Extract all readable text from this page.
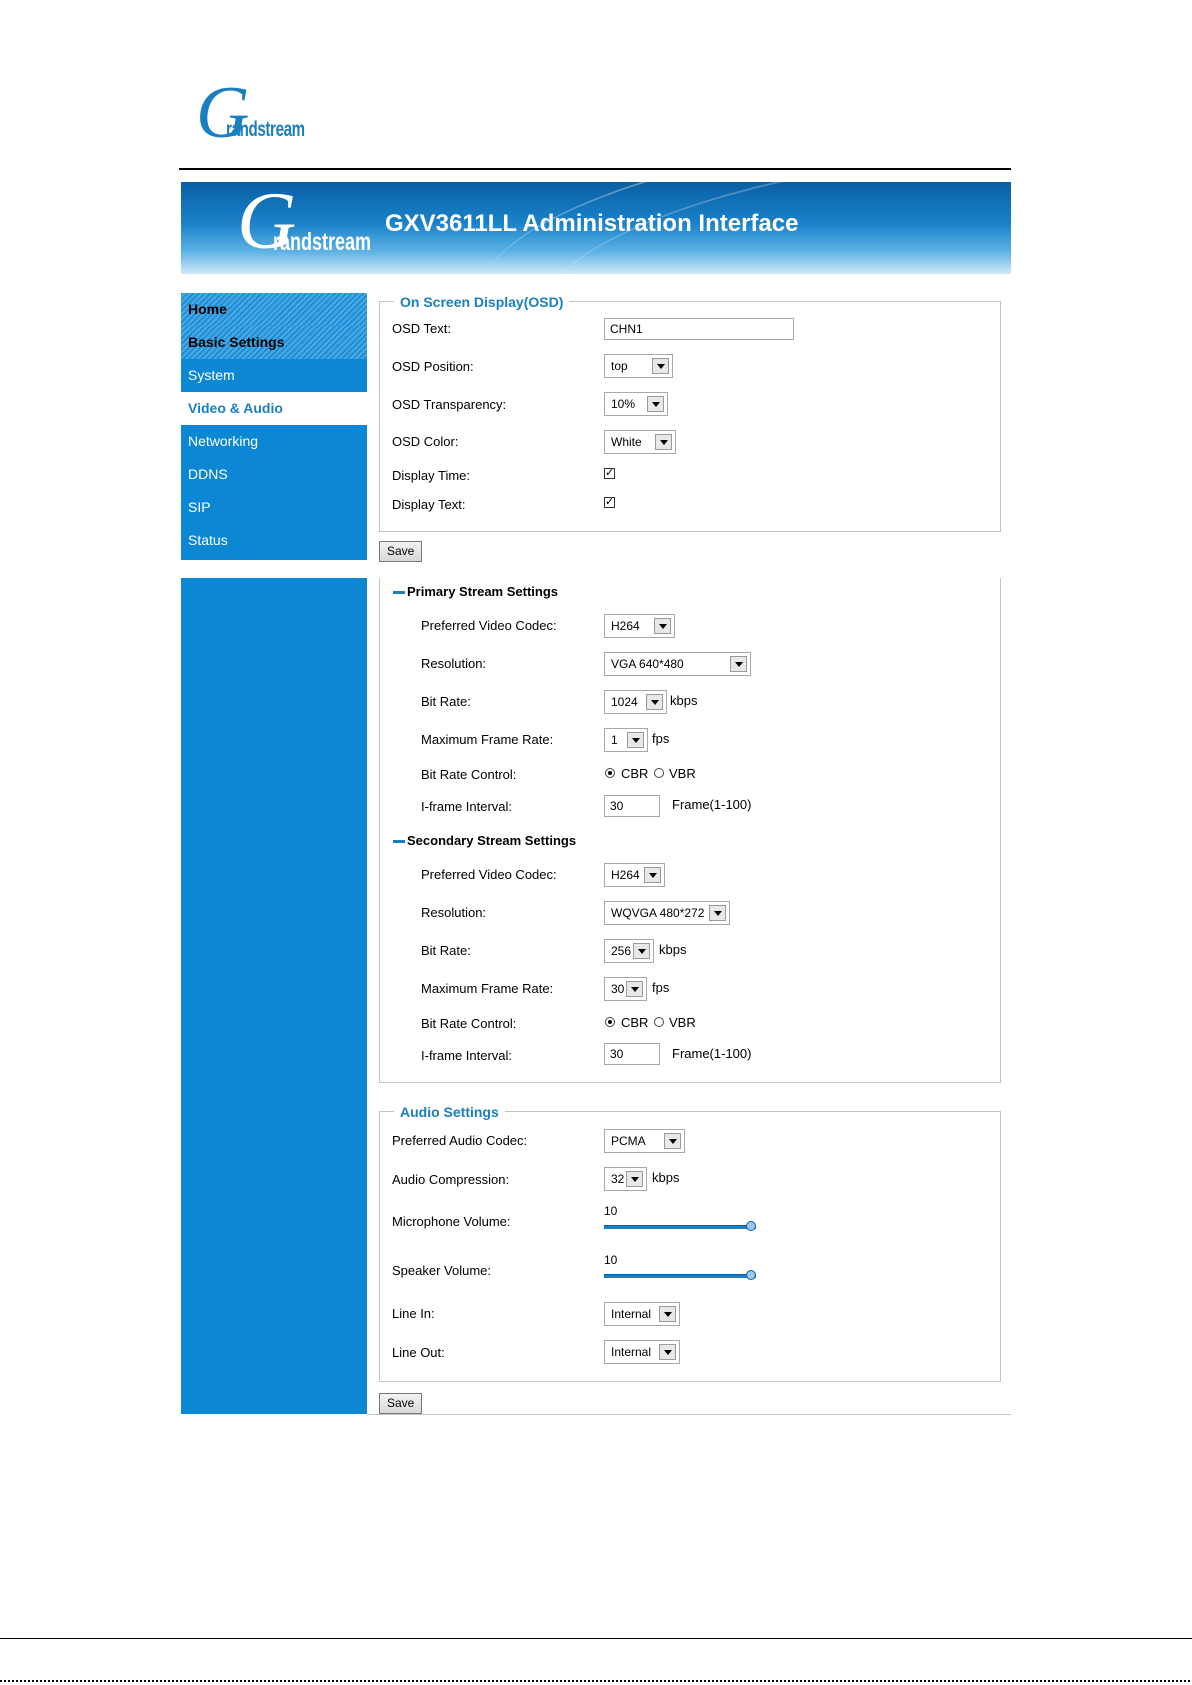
G
randstream
G
randstream
GXV3611LL Administration Interface
Home
Basic Settings
System
Video & Audio
Networking
DDNS
SIP
Status
On Screen Display(OSD)
OSD Text:
CHN1
OSD Position:	top
OSD Transparency:	10%
OSD Color:	White
Display Time:	✓
Display Text:	✓
Save
Primary Stream Settings
Preferred Video Codec:	H264
Resolution:	VGA 640*480
Bit Rate:	1024 kbps
Maximum Frame Rate:	1	fps
Bit Rate Control:	CBR VBR
I-frame Interval:
30	Frame(1-100)
Secondary Stream Settings
Preferred Video Codec:	H264
Resolution:	WQVGA 480*272
Bit Rate:	256 kbps
Maximum Frame Rate:	30 fps
Bit Rate Control:	CBR VBR
I-frame Interval:
30	Frame(1-100)
Audio Settings
Preferred Audio Codec:	PCMA
Audio Compression:	32 kbps
Microphone Volume:
10
Speaker Volume:
10
Line In:	Internal
Line Out:	Internal
Save
